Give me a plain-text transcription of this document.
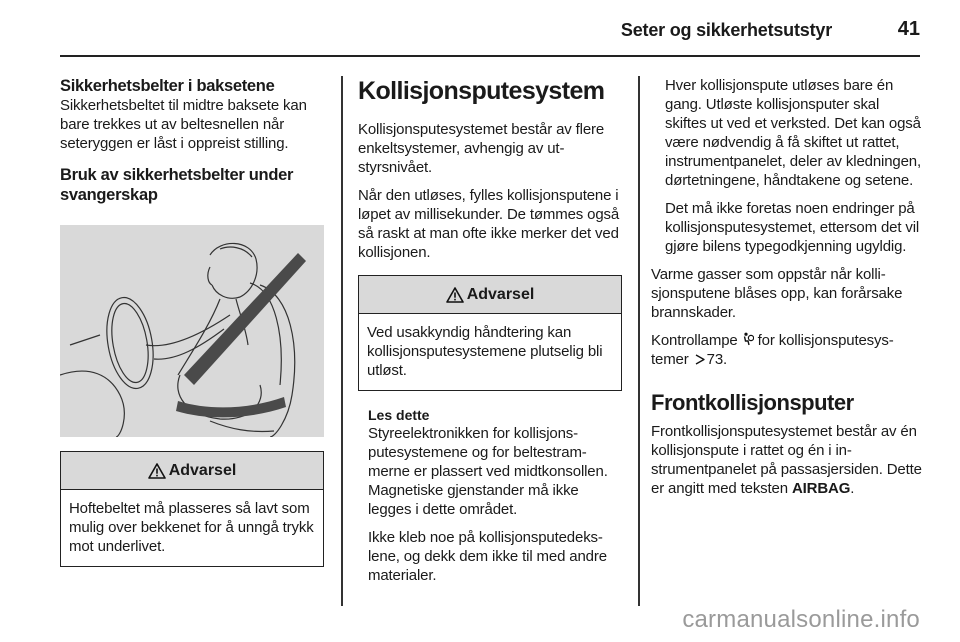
Seter og sikkerhetsutstyr	41
Sikkerhetsbelter i baksetene

Sikkerhetsbeltet til midtre baksete kan bare trekkes ut av beltesnellen når seteryggen er låst i oppreist stilling.

Bruk av sikkerhetsbelter under svangerskap
Advarsel

Hoftebeltet må plasseres så lavt som mulig over bekkenet for å unngå trykk mot underlivet.

Kollisjonsputesystem

Kollisjonsputesystemet består av flere enkeltsystemer, avhengig av utstyrsnivået.

Når den utløses, fylles kollisjonsputene i løpet av millisekunder. De tømmes også så raskt at man ofte ikke merker det ved kollisjonen.

Advarsel

Ved usakkyndig håndtering kan kollisjonsputesystemene plutselig bli utløst.

Les dette

Styreelektronikken for kollisjonsputesystemene og for beltestrammerne er plassert ved midtkonsollen. Magnetiske gjenstander må ikke legges i dette området.

Ikke kleb noe på kollisjonsputedekslene, og dekk dem ikke til med andre materialer.

Hver kollisjonspute utløses bare én gang. Utløste kollisjonsputer skal skiftes ut ved et verksted. Det kan også være nødvendig å få skiftet ut rattet, instrumentpanelet, deler av kledningen, dørtetningene, håndtakene og setene.

Det må ikke foretas noen endringer på kollisjonsputesystemet, ettersom det vil gjøre bilens typegodkjenning ugyldig.

Varme gasser som oppstår når kollisjonsputene blåses opp, kan forårsake brannskader.

Kontrollampe for kollisjonsputesystemer 73.

Frontkollisjonsputer

Frontkollisjonsputesystemet består av én kollisjonspute i rattet og én i instrumentpanelet på passasjersiden. Dette er angitt med teksten AIRBAG.

carmanualsonline.info
